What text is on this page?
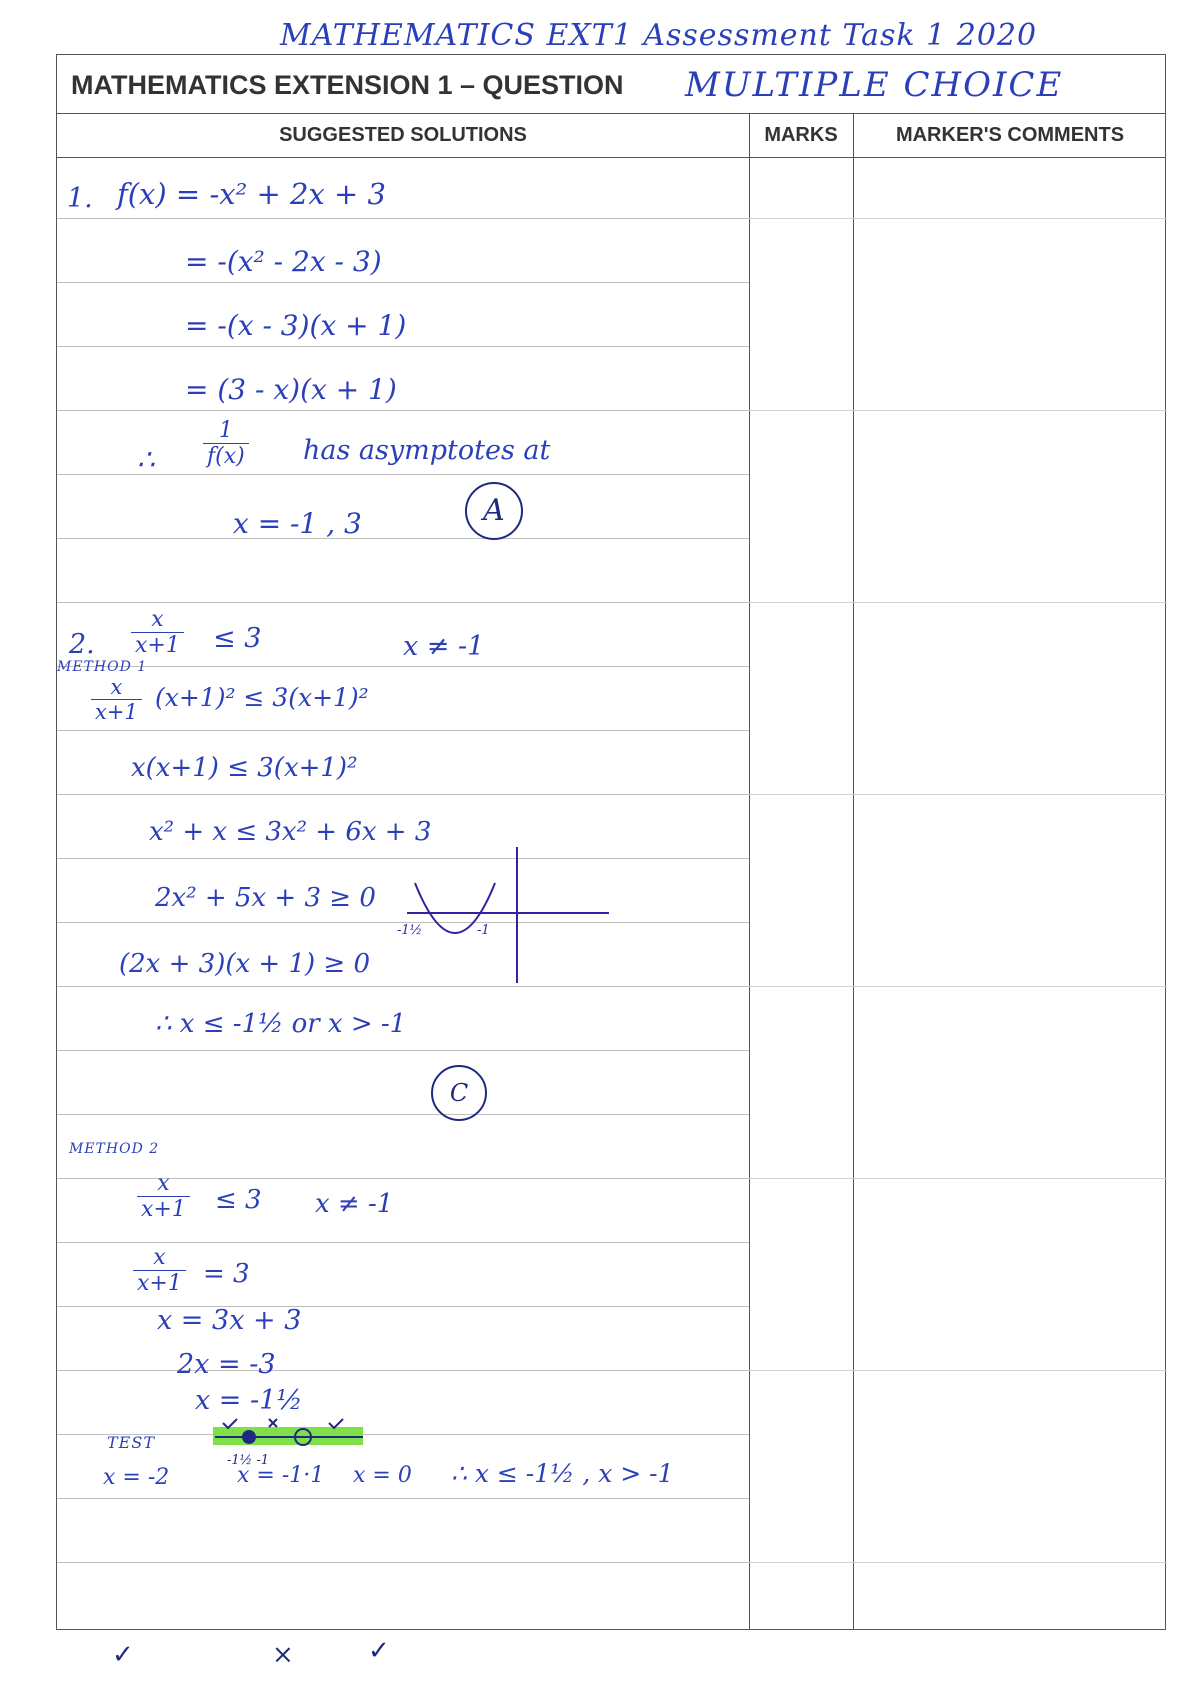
MATHEMATICS EXT1 Assessment Task 1 2020
MATHEMATICS EXTENSION 1 – QUESTION MULTIPLE CHOICE
SUGGESTED SOLUTIONS	MARKS	MARKER'S COMMENTS
1. f(x) = -x² + 2x + 3
= -(x² - 2x - 3)
= -(x - 3)(x + 1)
= (3 - x)(x + 1)
∴ $\frac{1}{f(x)}$ has asymptotes at
x = -1 , 3	A
2.
METHOD 1
$\frac{x}{x+1} \le 3$	x ≠ -1
$\frac{x}{x+1} (x+1)^2 \le 3(x+1)^2$
x(x+1) ≤ 3(x+1)²
x² + x ≤ 3x² + 6x + 3
2x² + 5x + 3 ≥ 0
(2x + 3)(x + 1) ≥ 0
∴ x ≤ -1½ or x > -1
-1½	-1
C
METHOD 2
$\frac{x}{x+1} \le 3$ x ≠ -1
$\frac{x}{x+1} = 3$
x = 3x + 3
2x = -3
x = -1½
TEST
-1½ -1
x = -2	x = -1·1 x = 0 ∴ x ≤ -1½ , x > -1
✓	×	✓
